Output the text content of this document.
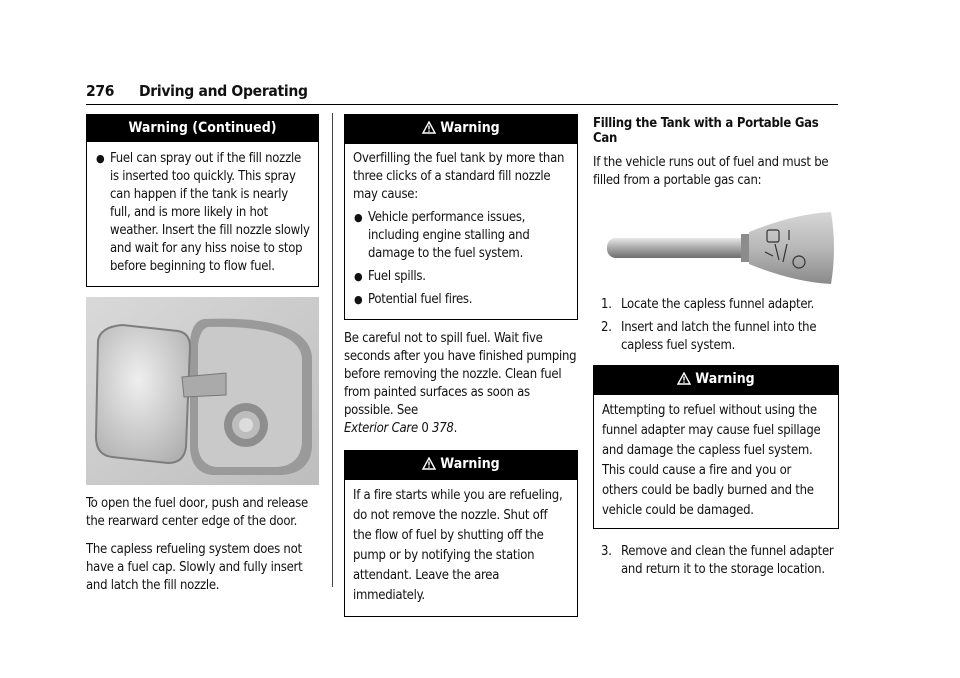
276 Driving and Operating
Warning (Continued)
● Fuel can spray out if the fill nozzle is inserted too quickly. This spray can happen if the tank is nearly full, and is more likely in hot weather. Insert the fill nozzle slowly and wait for any hiss noise to stop before beginning to flow fuel.

To open the fuel door, push and release the rearward center edge of the door.

The capless refueling system does not have a fuel cap. Slowly and fully insert and latch the fill nozzle.

Warning
Overfilling the fuel tank by more than three clicks of a standard fill nozzle may cause:
● Vehicle performance issues, including engine stalling and damage to the fuel system.
● Fuel spills.
● Potential fuel fires.

Be careful not to spill fuel. Wait five seconds after you have finished pumping before removing the nozzle. Clean fuel from painted surfaces as soon as possible. See
Exterior Care 0 378.

Warning
If a fire starts while you are refueling, do not remove the nozzle. Shut off the flow of fuel by shutting off the pump or by notifying the station attendant. Leave the area immediately.
Filling the Tank with a Portable Gas Can

If the vehicle runs out of fuel and must be filled from a portable gas can:

1. Locate the capless funnel adapter.
2. Insert and latch the funnel into the capless fuel system.
Warning
Attempting to refuel without using the funnel adapter may cause fuel spillage and damage the capless fuel system. This could cause a fire and you or others could be badly burned and the vehicle could be damaged.
3. Remove and clean the funnel adapter and return it to the storage location.
